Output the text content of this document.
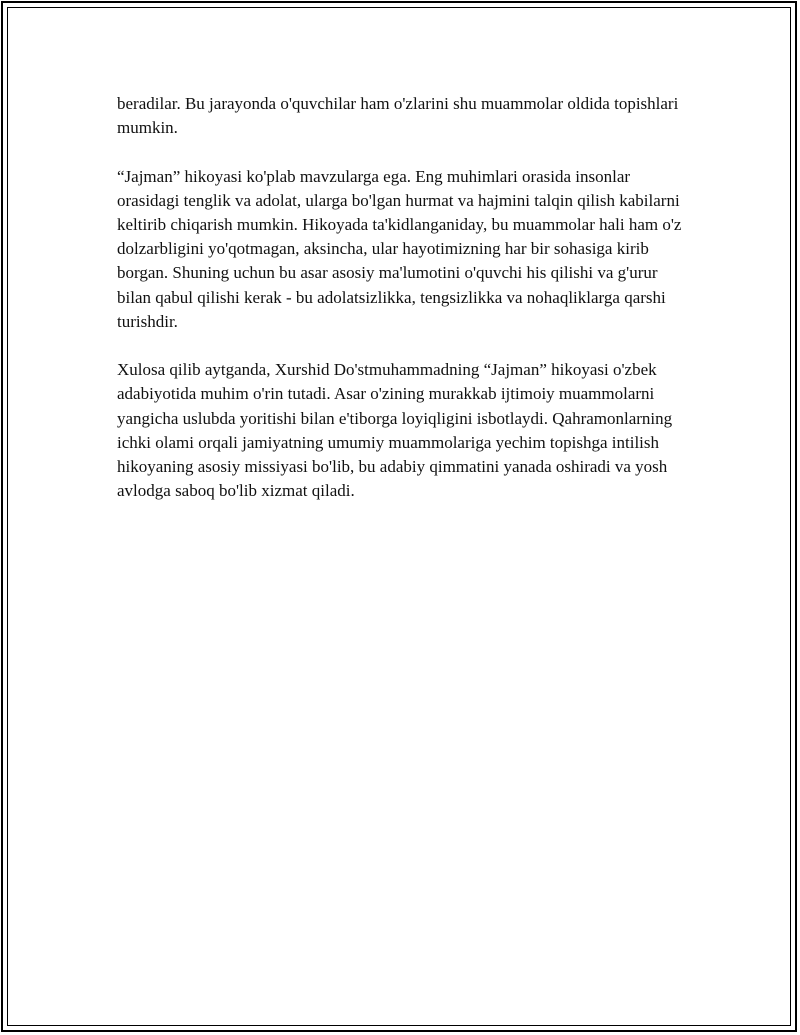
beradilar. Bu jarayonda o'quvchilar ham o'zlarini shu muammolar oldida topishlari mumkin.

“Jajman” hikoyasi ko'plab mavzularga ega. Eng muhimlari orasida insonlar orasidagi tenglik va adolat, ularga bo'lgan hurmat va hajmini talqin qilish kabilarni keltirib chiqarish mumkin. Hikoyada ta'kidlanganiday, bu muammolar hali ham o'z dolzarbligini yo'qotmagan, aksincha, ular hayotimizning har bir sohasiga kirib borgan. Shuning uchun bu asar asosiy ma'lumotini o'quvchi his qilishi va g'urur bilan qabul qilishi kerak - bu adolatsizlikka, tengsizlikka va nohaqliklarga qarshi turishdir.

Xulosa qilib aytganda, Xurshid Do'stmuhammadning “Jajman” hikoyasi o'zbek adabiyotida muhim o'rin tutadi. Asar o'zining murakkab ijtimoiy muammolarni yangicha uslubda yoritishi bilan e'tiborga loyiqligini isbotlaydi. Qahramonlarning ichki olami orqali jamiyatning umumiy muammolariga yechim topishga intilish hikoyaning asosiy missiyasi bo'lib, bu adabiy qimmatini yanada oshiradi va yosh avlodga saboq bo'lib xizmat qiladi.
